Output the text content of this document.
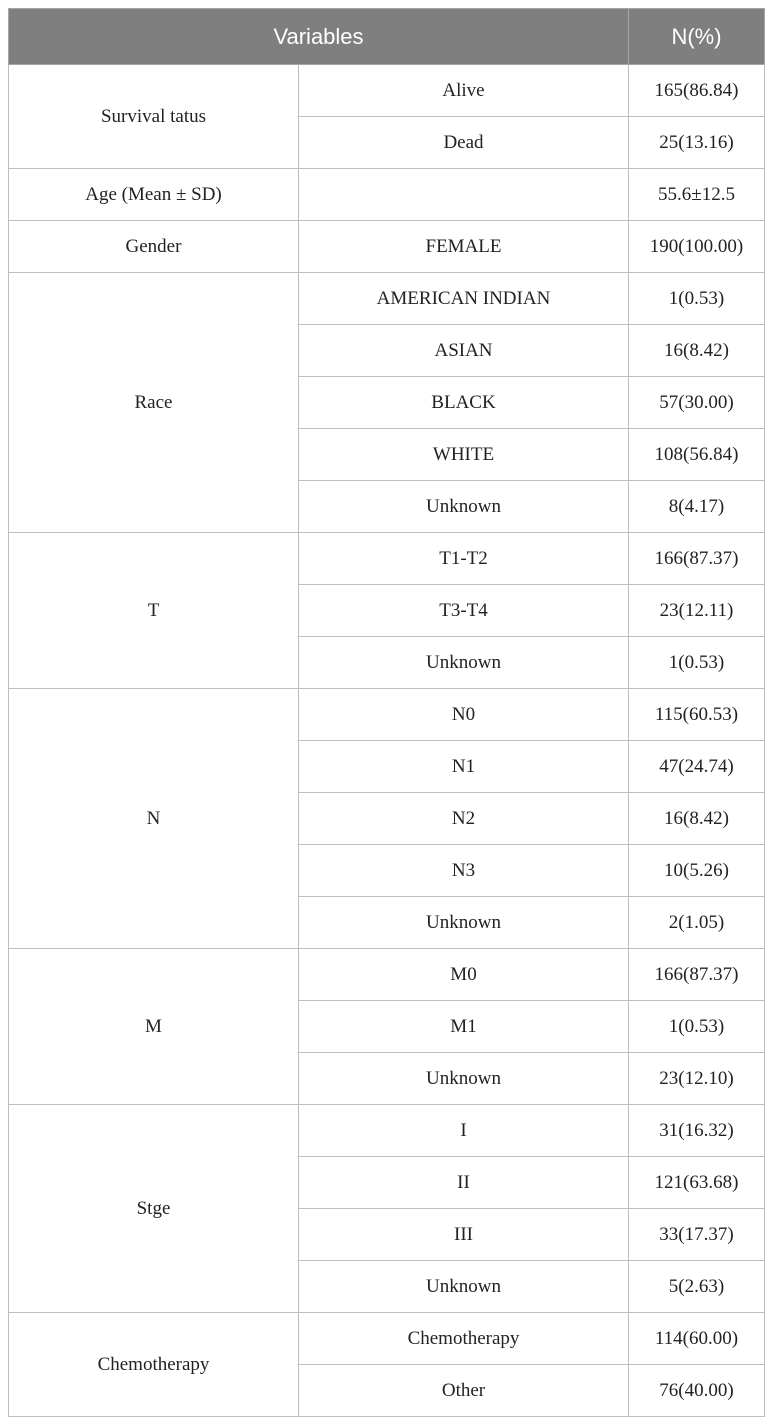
Variables		N(%)
Survival tatus	Alive	165(86.84)
	Dead	25(13.16)
Age (Mean ± SD)		55.6±12.5
Gender	FEMALE	190(100.00)
Race	AMERICAN INDIAN	1(0.53)
	ASIAN	16(8.42)
	BLACK	57(30.00)
	WHITE	108(56.84)
	Unknown	8(4.17)
T	T1-T2	166(87.37)
	T3-T4	23(12.11)
	Unknown	1(0.53)
N	N0	115(60.53)
	N1	47(24.74)
	N2	16(8.42)
	N3	10(5.26)
	Unknown	2(1.05)
M	M0	166(87.37)
	M1	1(0.53)
	Unknown	23(12.10)
Stge	I	31(16.32)
	II	121(63.68)
	III	33(17.37)
	Unknown	5(2.63)
Chemotherapy	Chemotherapy	114(60.00)
	Other	76(40.00)
